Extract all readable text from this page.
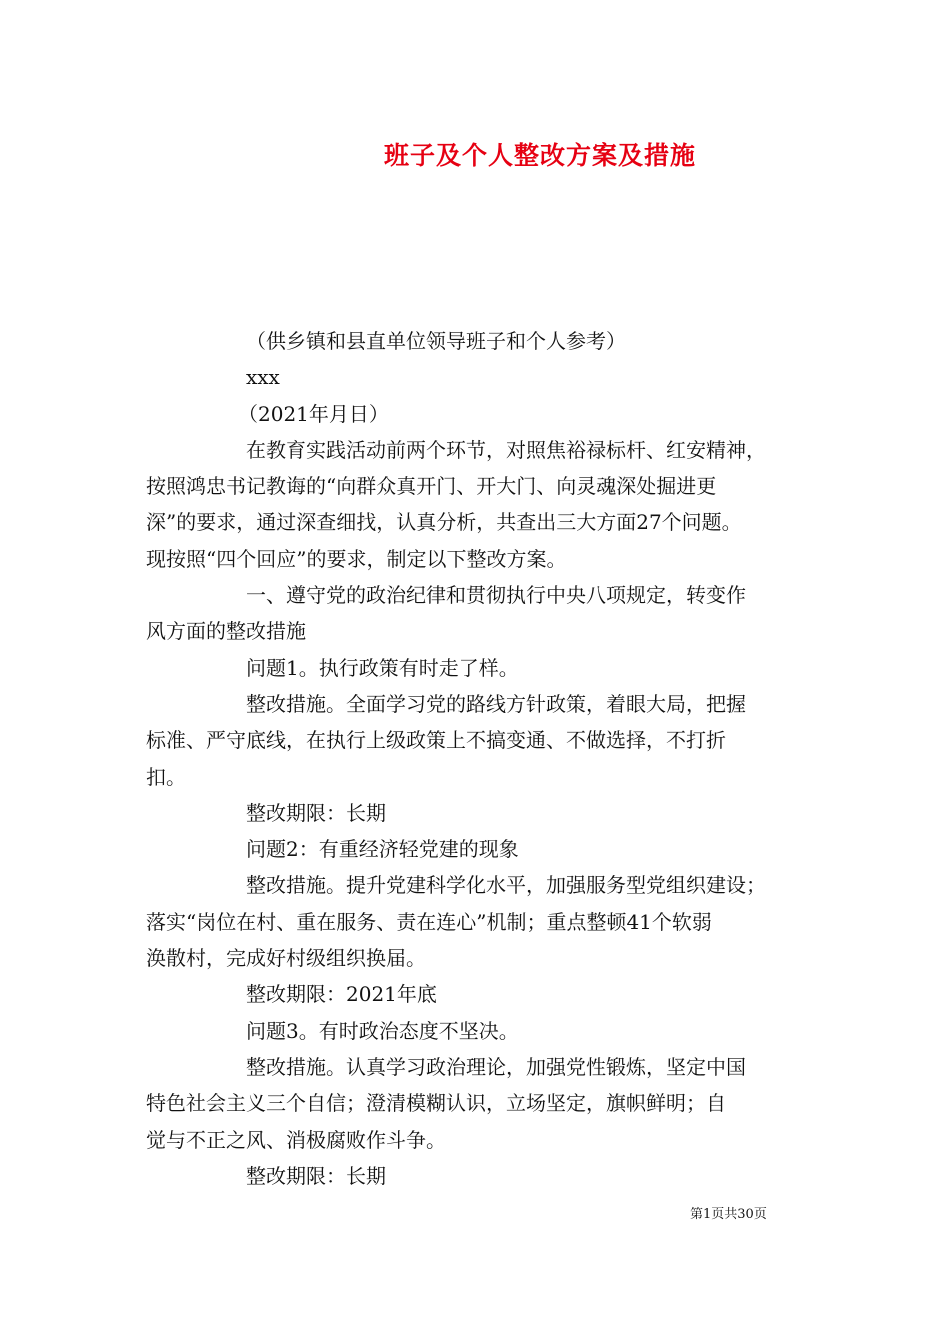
班子及个人整改方案及措施
（供乡镇和县直单位领导班子和个人参考）
xxx
（2021年月日）
在教育实践活动前两个环节，对照焦裕禄标杆、红安精神，
按照鸿忠书记教诲的“向群众真开门、开大门、向灵魂深处掘进更
深”的要求，通过深查细找，认真分析，共查出三大方面27个问题。
现按照“四个回应”的要求，制定以下整改方案。
一、遵守党的政治纪律和贯彻执行中央八项规定，转变作
风方面的整改措施
问题1。执行政策有时走了样。
整改措施。全面学习党的路线方针政策，着眼大局，把握
标准、严守底线，在执行上级政策上不搞变通、不做选择，不打折
扣。
整改期限：长期
问题2：有重经济轻党建的现象
整改措施。提升党建科学化水平，加强服务型党组织建设；
落实“岗位在村、重在服务、责在连心”机制；重点整顿41个软弱
涣散村，完成好村级组织换届。
整改期限：2021年底
问题3。有时政治态度不坚决。
整改措施。认真学习政治理论，加强党性锻炼，坚定中国
特色社会主义三个自信；澄清模糊认识，立场坚定，旗帜鲜明；自
觉与不正之风、消极腐败作斗争。
整改期限：长期
第1页共30页
